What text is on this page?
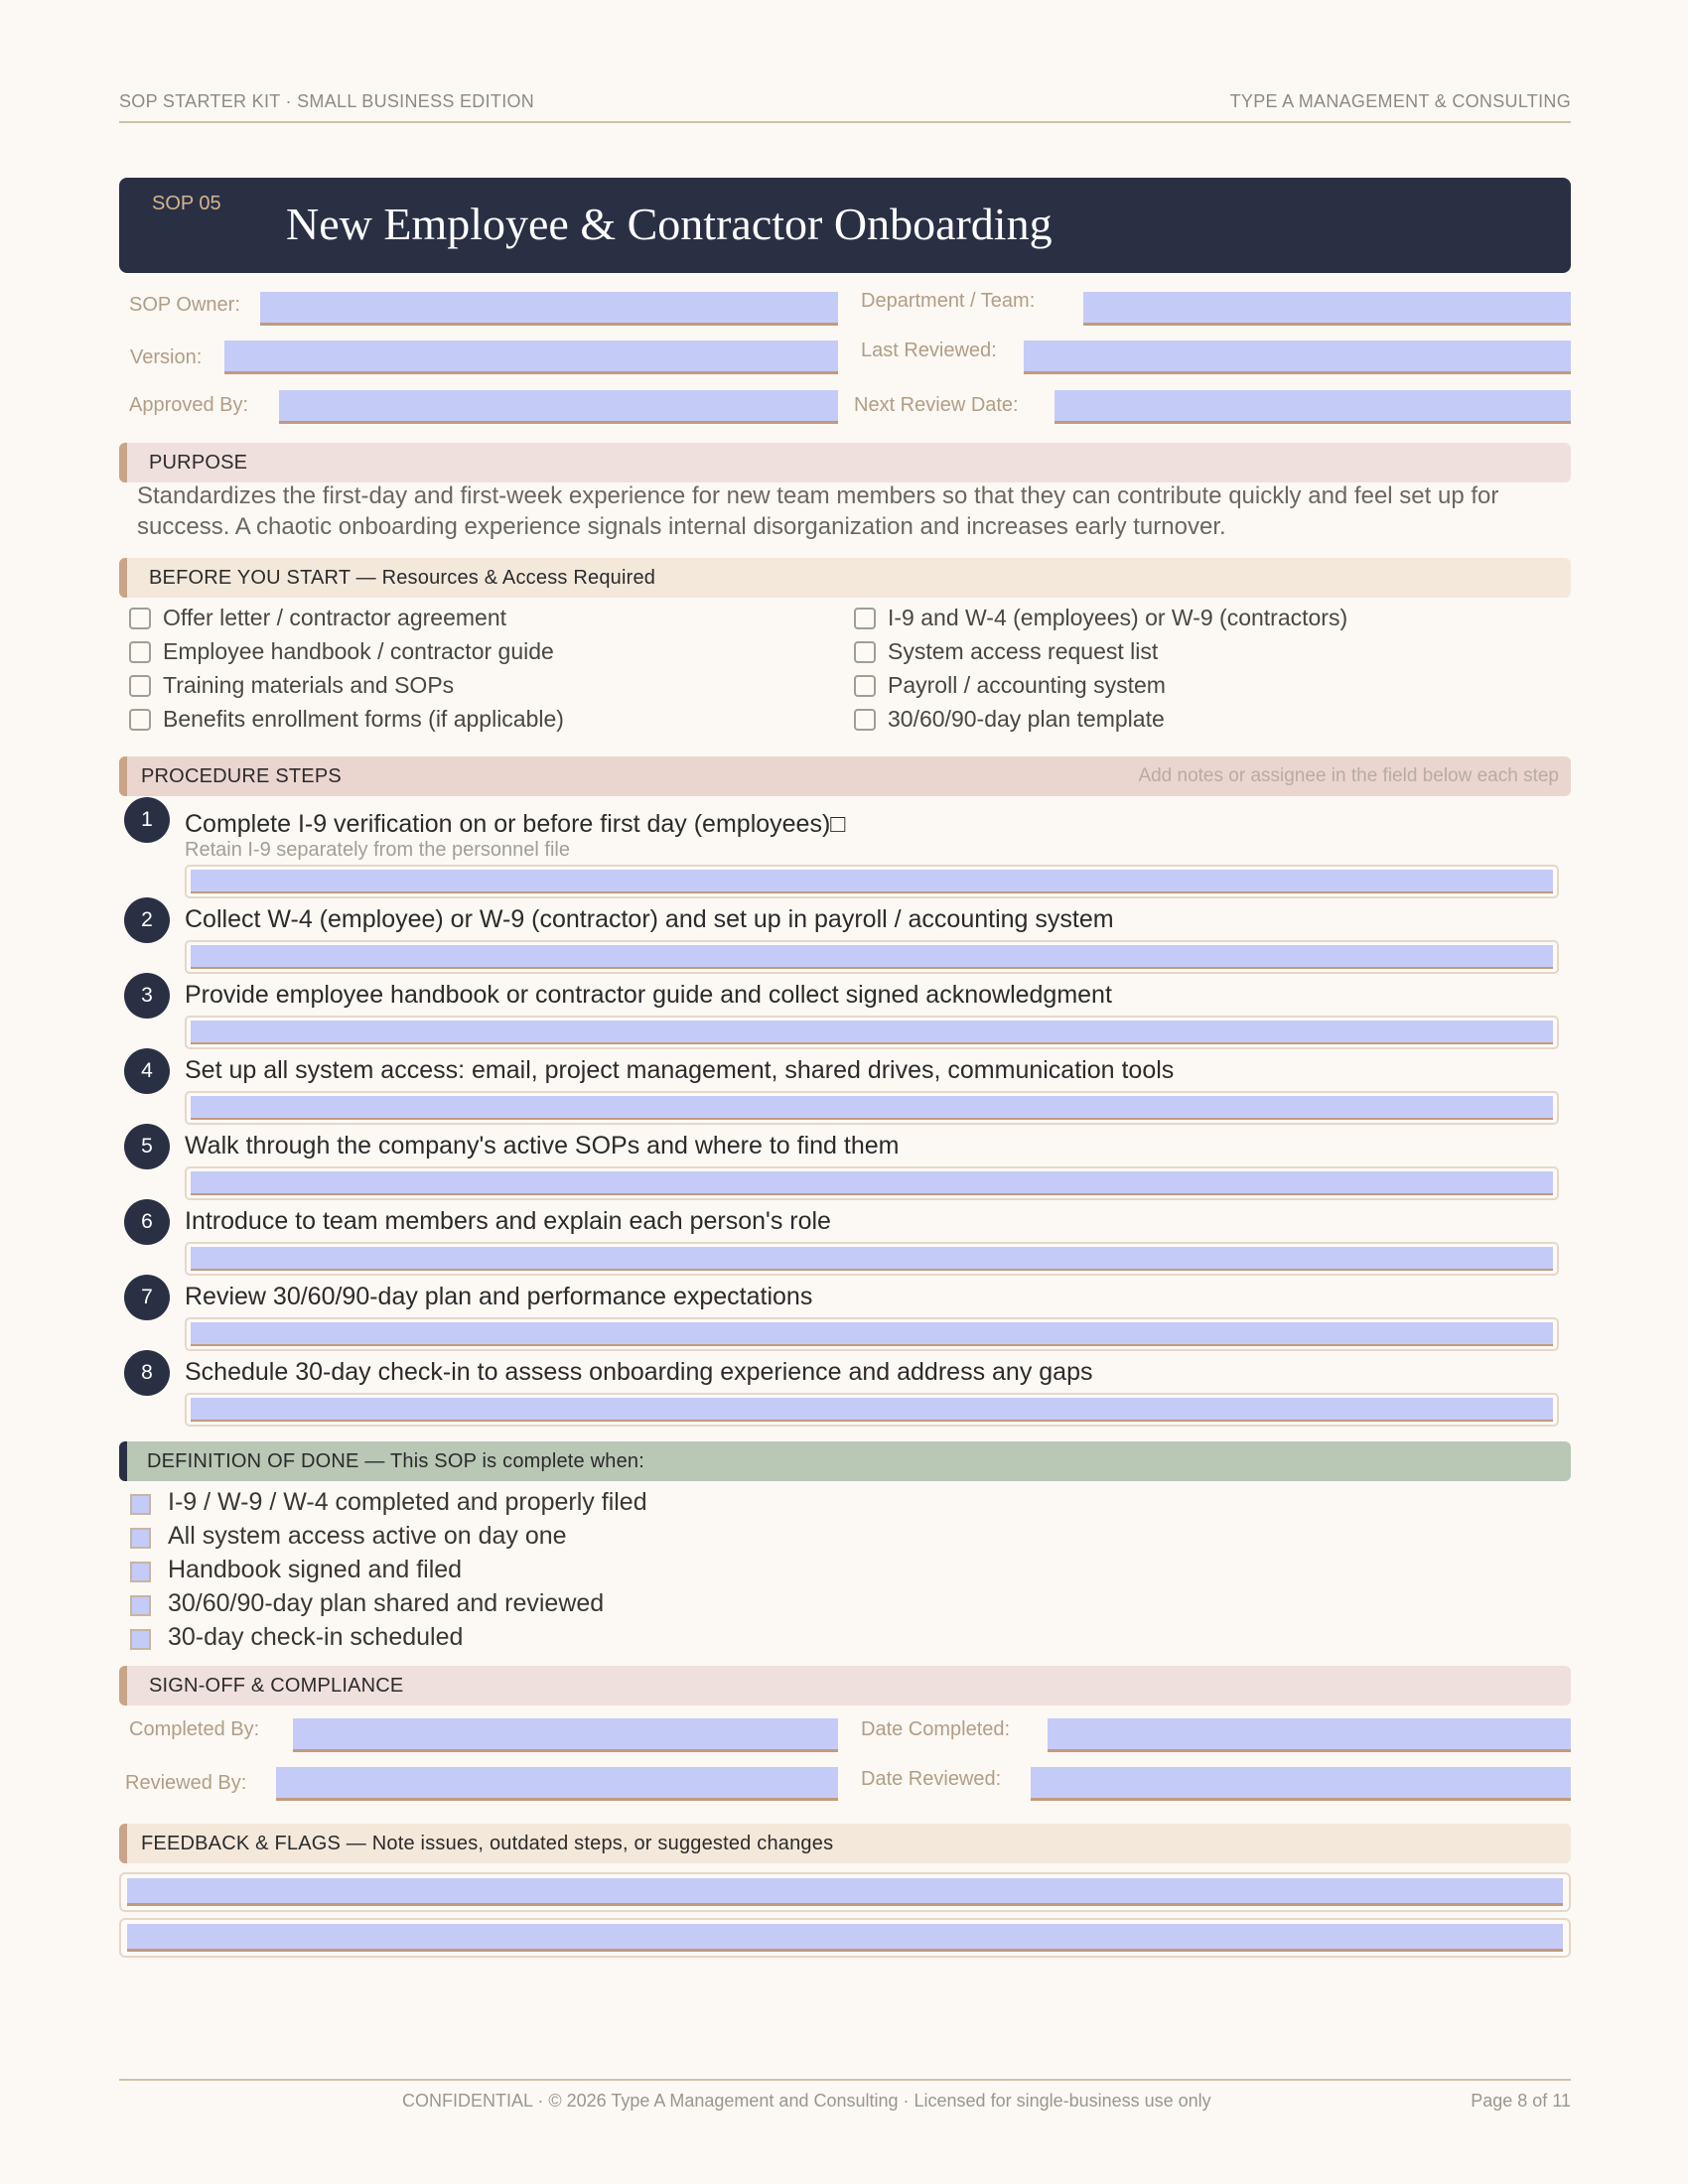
SOP STARTER KIT · SMALL BUSINESS EDITION	TYPE A MANAGEMENT & CONSULTING
SOP 05 New Employee & Contractor Onboarding
SOP Owner:	Department / Team:
Version:	Last Reviewed:
Approved By:	Next Review Date:
PURPOSE
Standardizes the first-day and first-week experience for new team members so that they can contribute quickly and feel set up for success. A chaotic onboarding experience signals internal disorganization and increases early turnover.
BEFORE YOU START — Resources & Access Required
Offer letter / contractor agreement
Employee handbook / contractor guide
Training materials and SOPs
Benefits enrollment forms (if applicable)
I-9 and W-4 (employees) or W-9 (contractors)
System access request list
Payroll / accounting system
30/60/90-day plan template
PROCEDURE STEPS	Add notes or assignee in the field below each step
1	Complete I-9 verification on or before first day (employees)□
Retain I-9 separately from the personnel file
2	Collect W-4 (employee) or W-9 (contractor) and set up in payroll / accounting system
3	Provide employee handbook or contractor guide and collect signed acknowledgment
4	Set up all system access: email, project management, shared drives, communication tools
5	Walk through the company's active SOPs and where to find them
6	Introduce to team members and explain each person's role
7	Review 30/60/90-day plan and performance expectations
8	Schedule 30-day check-in to assess onboarding experience and address any gaps
DEFINITION OF DONE — This SOP is complete when:
I-9 / W-9 / W-4 completed and properly filed
All system access active on day one
Handbook signed and filed
30/60/90-day plan shared and reviewed
30-day check-in scheduled
SIGN-OFF & COMPLIANCE
Completed By:	Date Completed:
Reviewed By:	Date Reviewed:
FEEDBACK & FLAGS — Note issues, outdated steps, or suggested changes
CONFIDENTIAL · © 2026 Type A Management and Consulting · Licensed for single-business use only	Page 8 of 11
